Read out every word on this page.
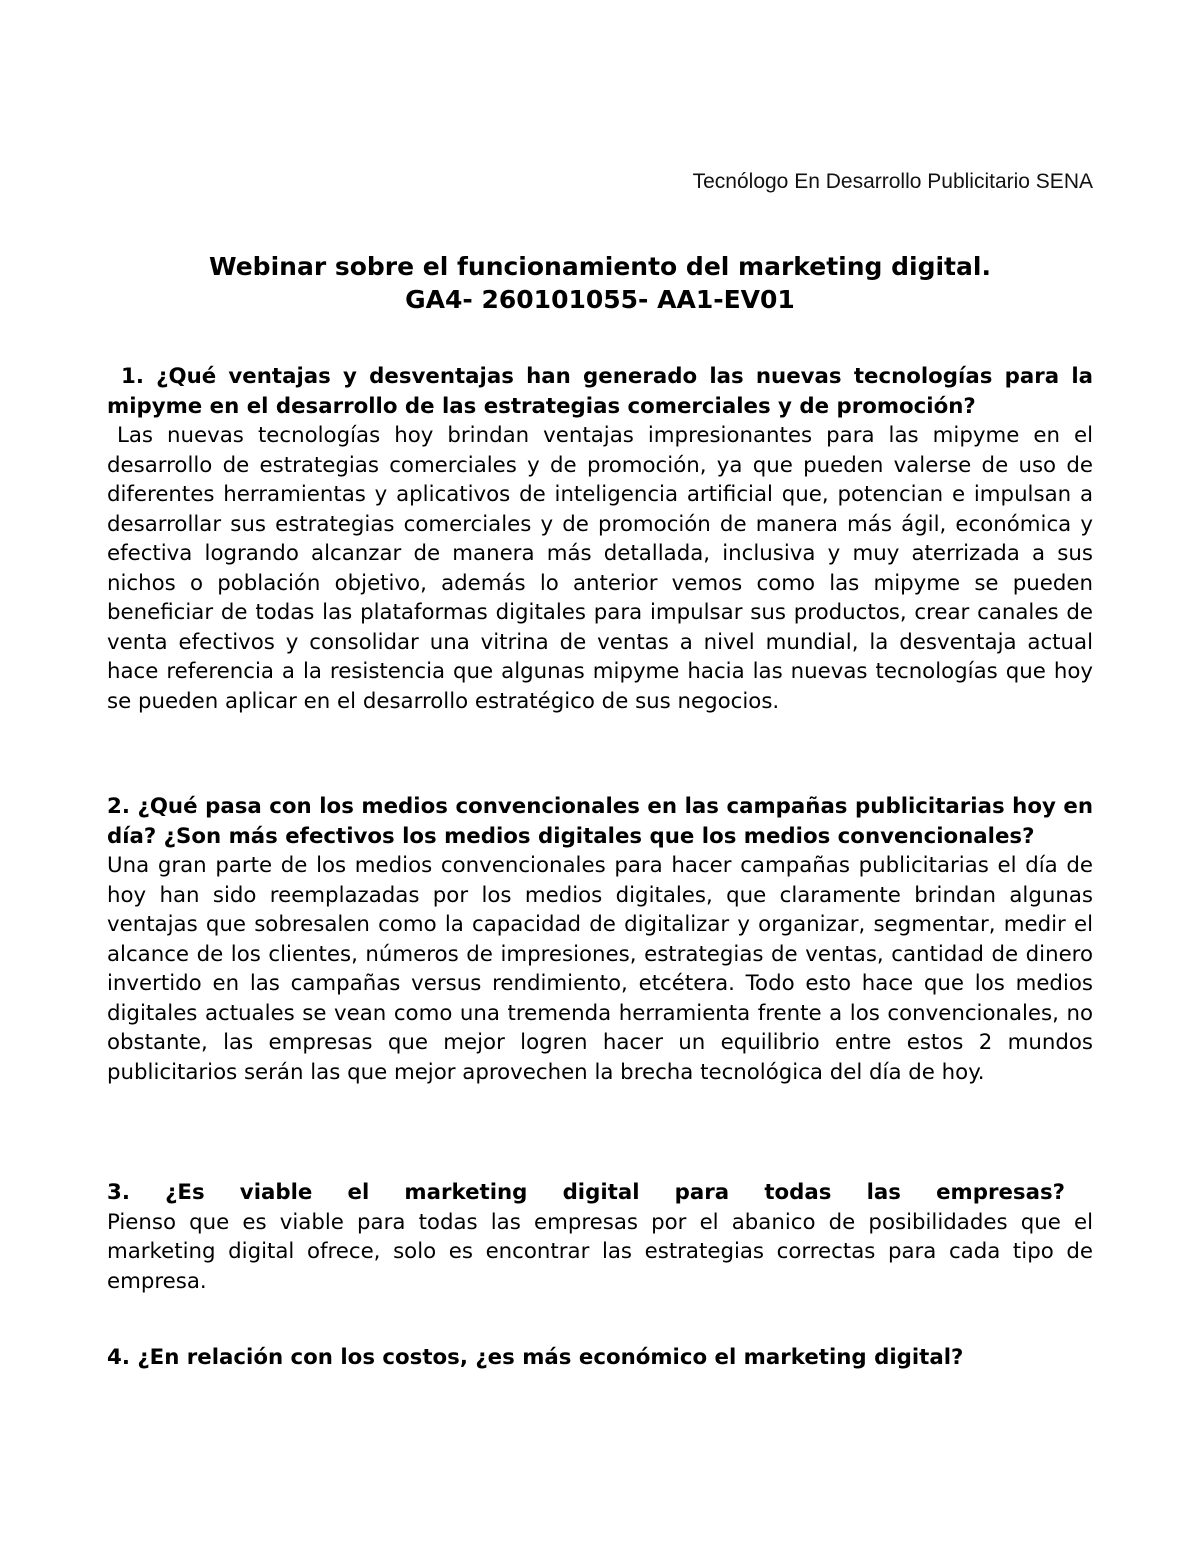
Tecnólogo En Desarrollo Publicitario SENA
Webinar sobre el funcionamiento del marketing digital.
GA4- 260101055- AA1-EV01
1. ¿Qué ventajas y desventajas han generado las nuevas tecnologías para la mipyme en el desarrollo de las estrategias comerciales y de promoción?
Las nuevas tecnologías hoy brindan ventajas impresionantes para las mipyme en el desarrollo de estrategias comerciales y de promoción, ya que pueden valerse de uso de diferentes herramientas y aplicativos de inteligencia artificial que, potencian e impulsan a desarrollar sus estrategias comerciales y de promoción de manera más ágil, económica y efectiva logrando alcanzar de manera más detallada, inclusiva y muy aterrizada a sus nichos o población objetivo, además lo anterior vemos como las mipyme se pueden beneficiar de todas las plataformas digitales para impulsar sus productos, crear canales de venta efectivos y consolidar una vitrina de ventas a nivel mundial, la desventaja actual hace referencia a la resistencia que algunas mipyme hacia las nuevas tecnologías que hoy se pueden aplicar en el desarrollo estratégico de sus negocios.
2. ¿Qué pasa con los medios convencionales en las campañas publicitarias hoy en día? ¿Son más efectivos los medios digitales que los medios convencionales?
Una gran parte de los medios convencionales para hacer campañas publicitarias el día de hoy han sido reemplazadas por los medios digitales, que claramente brindan algunas ventajas que sobresalen como la capacidad de digitalizar y organizar, segmentar, medir el alcance de los clientes, números de impresiones, estrategias de ventas, cantidad de dinero invertido en las campañas versus rendimiento, etcétera. Todo esto hace que los medios digitales actuales se vean como una tremenda herramienta frente a los convencionales, no obstante, las empresas que mejor logren hacer un equilibrio entre estos 2 mundos publicitarios serán las que mejor aprovechen la brecha tecnológica del día de hoy.
3. ¿Es viable el marketing digital para todas las empresas?
Pienso que es viable para todas las empresas por el abanico de posibilidades que el marketing digital ofrece, solo es encontrar las estrategias correctas para cada tipo de empresa.
4. ¿En relación con los costos, ¿es más económico el marketing digital?
